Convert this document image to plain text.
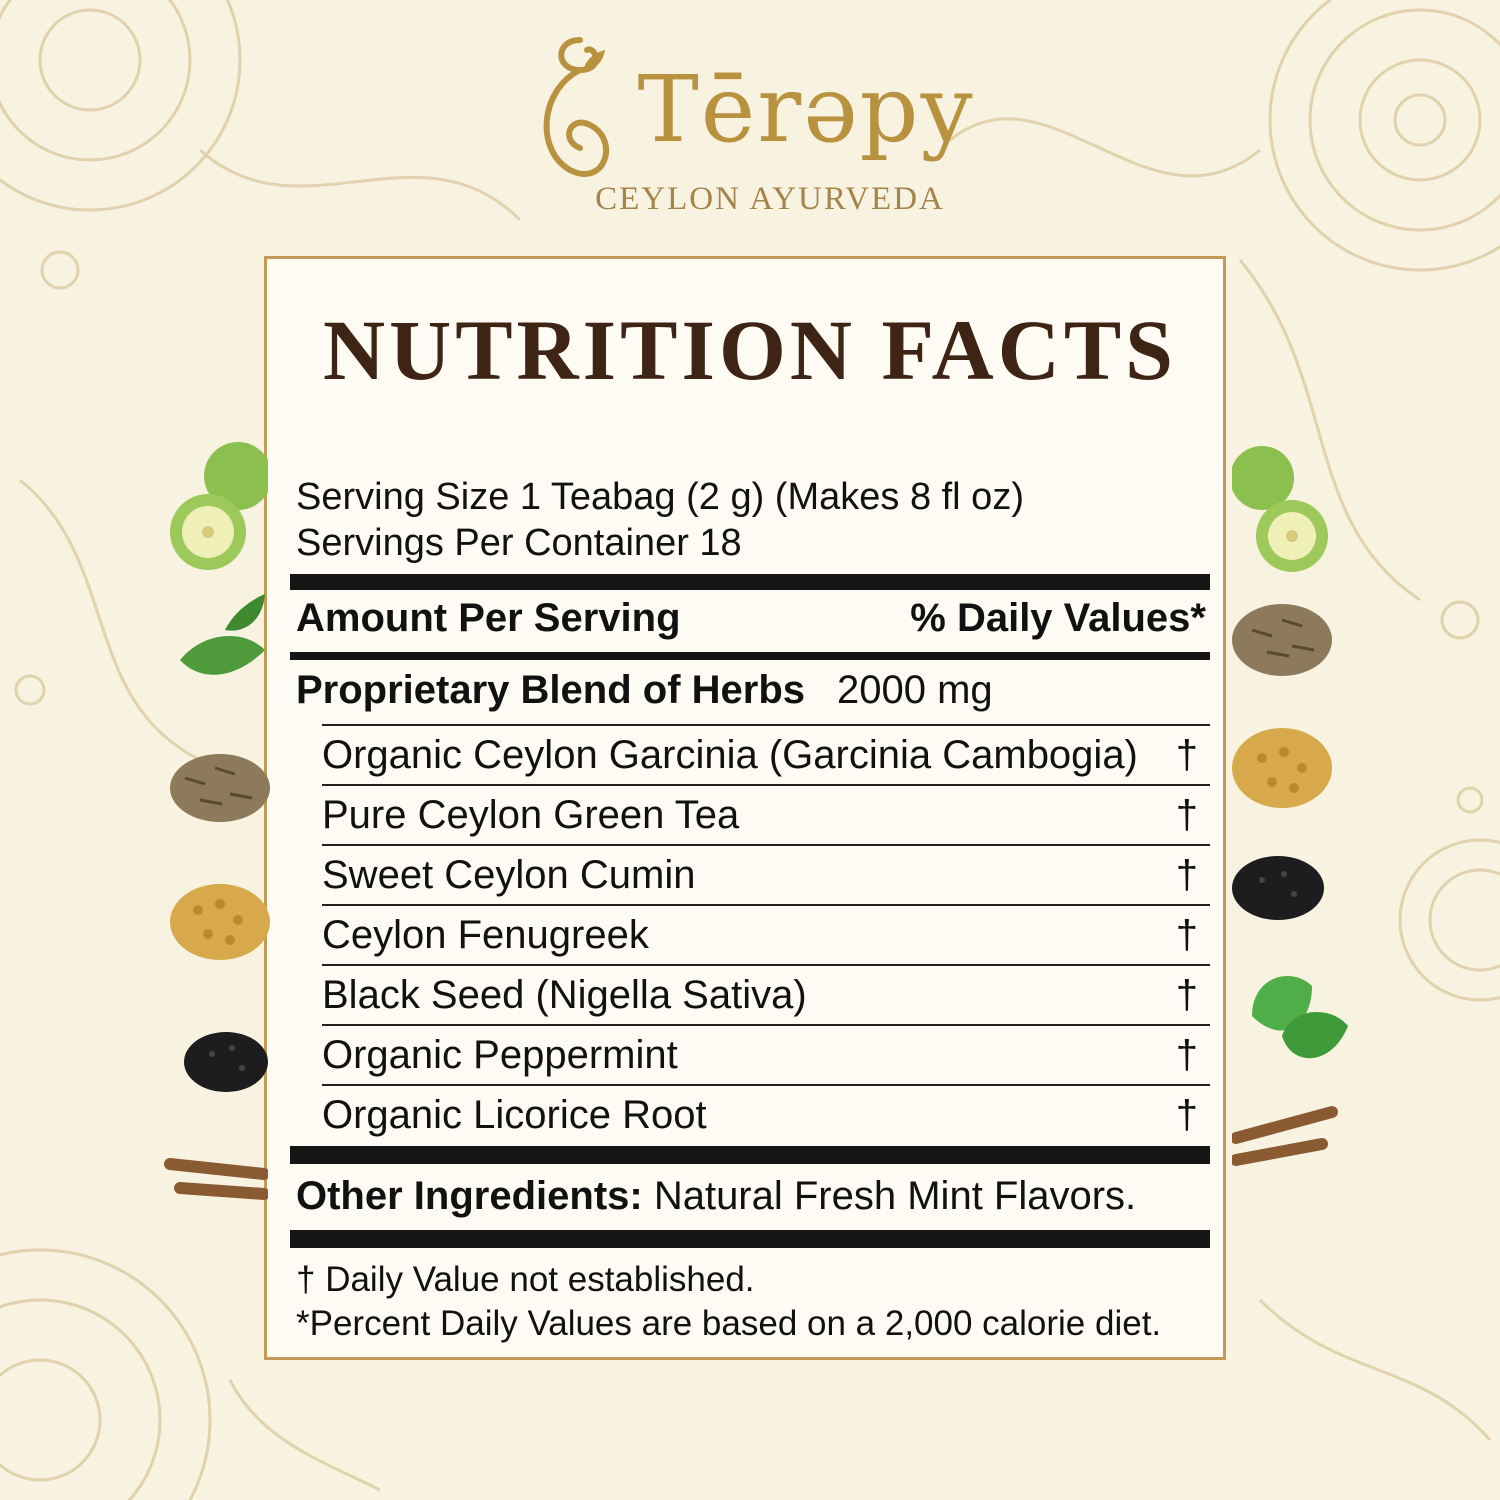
Tērəpy
CEYLON AYURVEDA
NUTRITION FACTS
Serving Size 1 Teabag (2 g) (Makes 8 fl oz)
Servings Per Container 18
Amount Per Serving	% Daily Values*
Proprietary Blend of Herbs 2000 mg
Organic Ceylon Garcinia (Garcinia Cambogia) †
Pure Ceylon Green Tea	†
Sweet Ceylon Cumin	†
Ceylon Fenugreek	†
Black Seed (Nigella Sativa)	†
Organic Peppermint	†
Organic Licorice Root	†
Other Ingredients: Natural Fresh Mint Flavors.
† Daily Value not established.
*Percent Daily Values are based on a 2,000 calorie diet.
